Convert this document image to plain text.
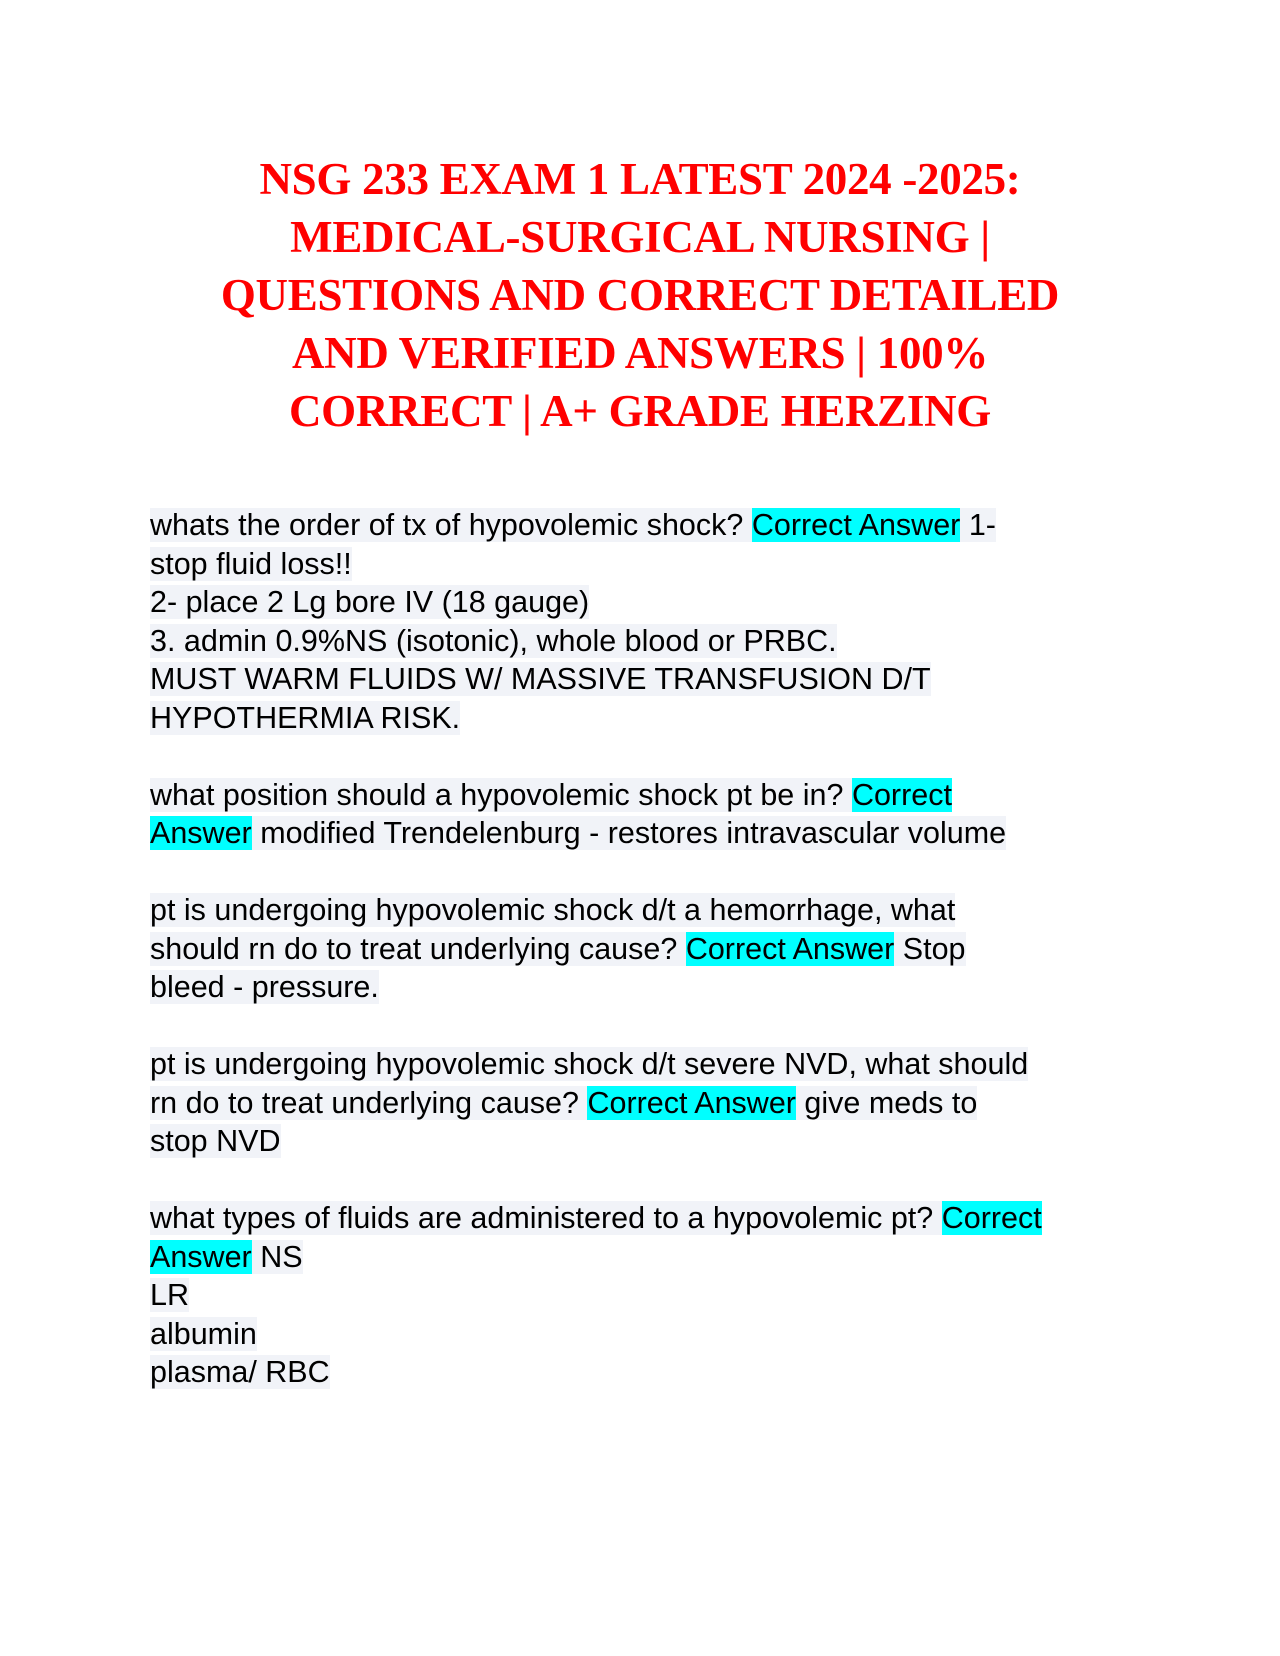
NSG 233 EXAM 1 LATEST 2024 -2025:
MEDICAL-SURGICAL NURSING |
QUESTIONS AND CORRECT DETAILED
AND VERIFIED ANSWERS | 100%
CORRECT | A+ GRADE HERZING
whats the order of tx of hypovolemic shock? Correct Answer 1-
stop fluid loss!!
2- place 2 Lg bore IV (18 gauge)
3. admin 0.9%NS (isotonic), whole blood or PRBC.
MUST WARM FLUIDS W/ MASSIVE TRANSFUSION D/T
HYPOTHERMIA RISK.
what position should a hypovolemic shock pt be in? Correct
Answer modified Trendelenburg - restores intravascular volume
pt is undergoing hypovolemic shock d/t a hemorrhage, what
should rn do to treat underlying cause? Correct Answer Stop
bleed - pressure.
pt is undergoing hypovolemic shock d/t severe NVD, what should
rn do to treat underlying cause? Correct Answer give meds to
stop NVD
what types of fluids are administered to a hypovolemic pt? Correct
Answer NS
LR
albumin
plasma/ RBC
